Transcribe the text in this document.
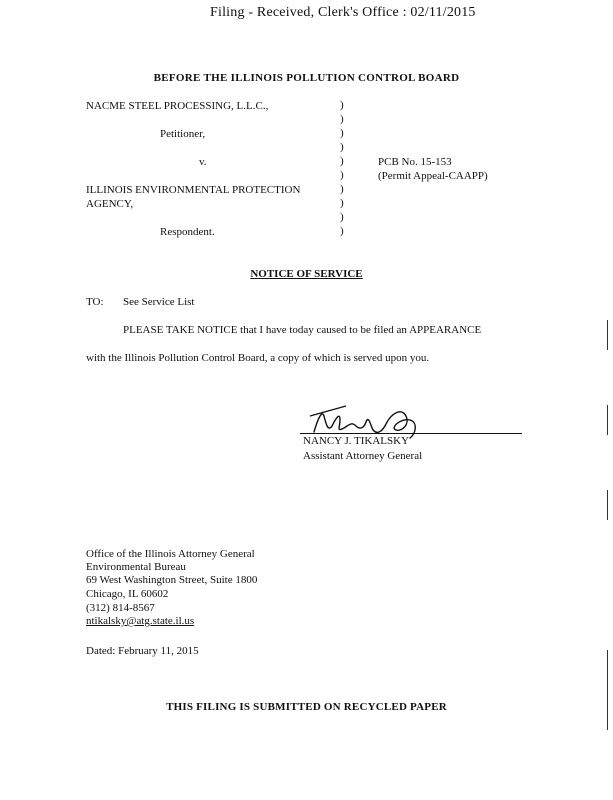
Filing - Received, Clerk's Office : 02/11/2015
BEFORE THE ILLINOIS POLLUTION CONTROL BOARD
NACME STEEL PROCESSING, L.L.C.,
Petitioner,
v.
ILLINOIS ENVIRONMENTAL PROTECTION
AGENCY,
Respondent.
)
)
)
)
)
)
)
)
)
)
PCB No. 15-153
(Permit Appeal-CAAPP)
NOTICE OF SERVICE
TO: See Service List
PLEASE TAKE NOTICE that I have today caused to be filed an APPEARANCE
with the Illinois Pollution Control Board, a copy of which is served upon you.
NANCY J. TIKALSKY
Assistant Attorney General
Office of the Illinois Attorney General
Environmental Bureau
69 West Washington Street, Suite 1800
Chicago, IL 60602
(312) 814-8567
ntikalsky@atg.state.il.us
Dated: February 11, 2015
THIS FILING IS SUBMITTED ON RECYCLED PAPER
